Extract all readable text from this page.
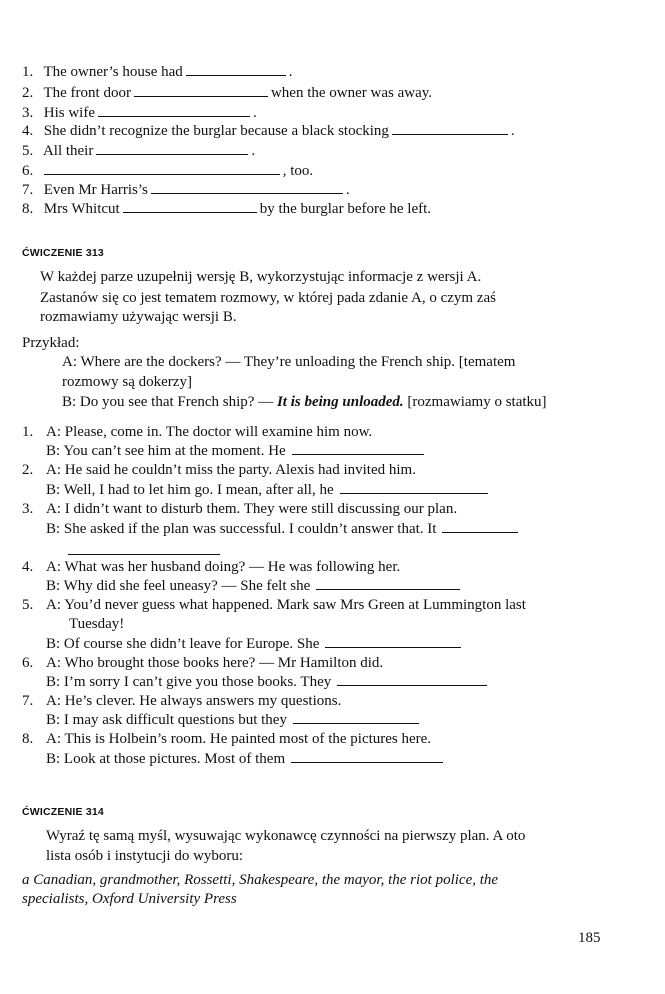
1. The owner’s house had	.
2. The front door	when the owner was away.
3. His wife	.
4. She didn’t recognize the burglar because a black stocking	.
5. All their	.
6.	, too.
7. Even Mr Harris’s	.
8. Mrs Whitcut	by the burglar before he left.
ĆWICZENIE 313
W każdej parze uzupełnij wersję B, wykorzystując informacje z wersji A.
Zastanów się co jest tematem rozmowy, w której pada zdanie A, o czym zaś
rozmawiamy używając wersji B.
Przykład:
A: Where are the dockers? — They’re unloading the French ship. [tematem
rozmowy są dokerzy]
B: Do you see that French ship? — It is being unloaded. [rozmawiamy o statku]
1. A: Please, come in. The doctor will examine him now.
B: You can’t see him at the moment. He
2. A: He said he couldn’t miss the party. Alexis had invited him.
B: Well, I had to let him go. I mean, after all, he
3. A: I didn’t want to disturb them. They were still discussing our plan.
B: She asked if the plan was successful. I couldn’t answer that. It
4. A: What was her husband doing? — He was following her.
B: Why did she feel uneasy? — She felt she
5. A: You’d never guess what happened. Mark saw Mrs Green at Lummington last
Tuesday!
B: Of course she didn’t leave for Europe. She
6. A: Who brought those books here? — Mr Hamilton did.
B: I’m sorry I can’t give you those books. They
7. A: He’s clever. He always answers my questions.
B: I may ask difficult questions but they
8. A: This is Holbein’s room. He painted most of the pictures here.
B: Look at those pictures. Most of them
ĆWICZENIE 314
Wyraź tę samą myśl, wysuwając wykonawcę czynności na pierwszy plan. A oto
lista osób i instytucji do wyboru:
a Canadian, grandmother, Rossetti, Shakespeare, the mayor, the riot police, the
specialists, Oxford University Press
185
